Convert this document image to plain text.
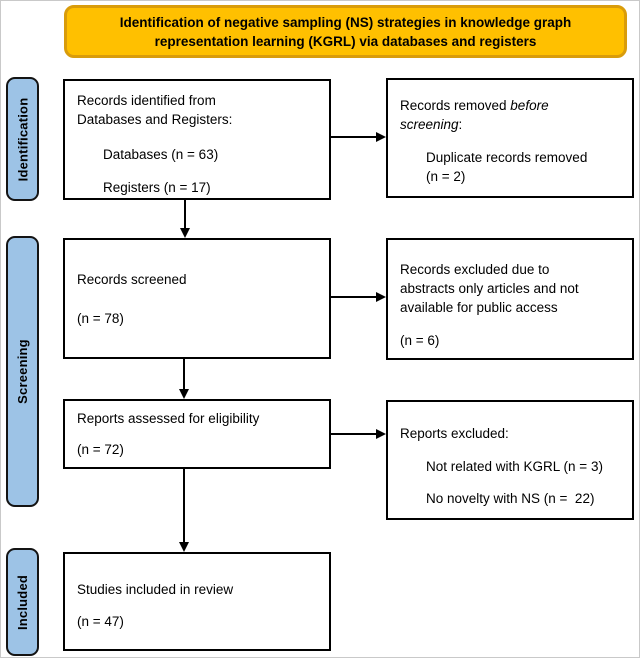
Identification of negative sampling (NS) strategies in knowledge graph
representation learning (KGRL) via databases and registers
Identification
Screening
Included
Records identified from
Databases and Registers:
Databases (n = 63)
Registers (n = 17)
Records removed before
screening:
Duplicate records removed
(n = 2)
Records screened
(n = 78)
Records excluded due to
abstracts only articles and not
available for public access
(n = 6)
Reports assessed for eligibility
(n = 72)
Reports excluded:
Not related with KGRL (n = 3)
No novelty with NS (n =  22)
Studies included in review
(n = 47)
